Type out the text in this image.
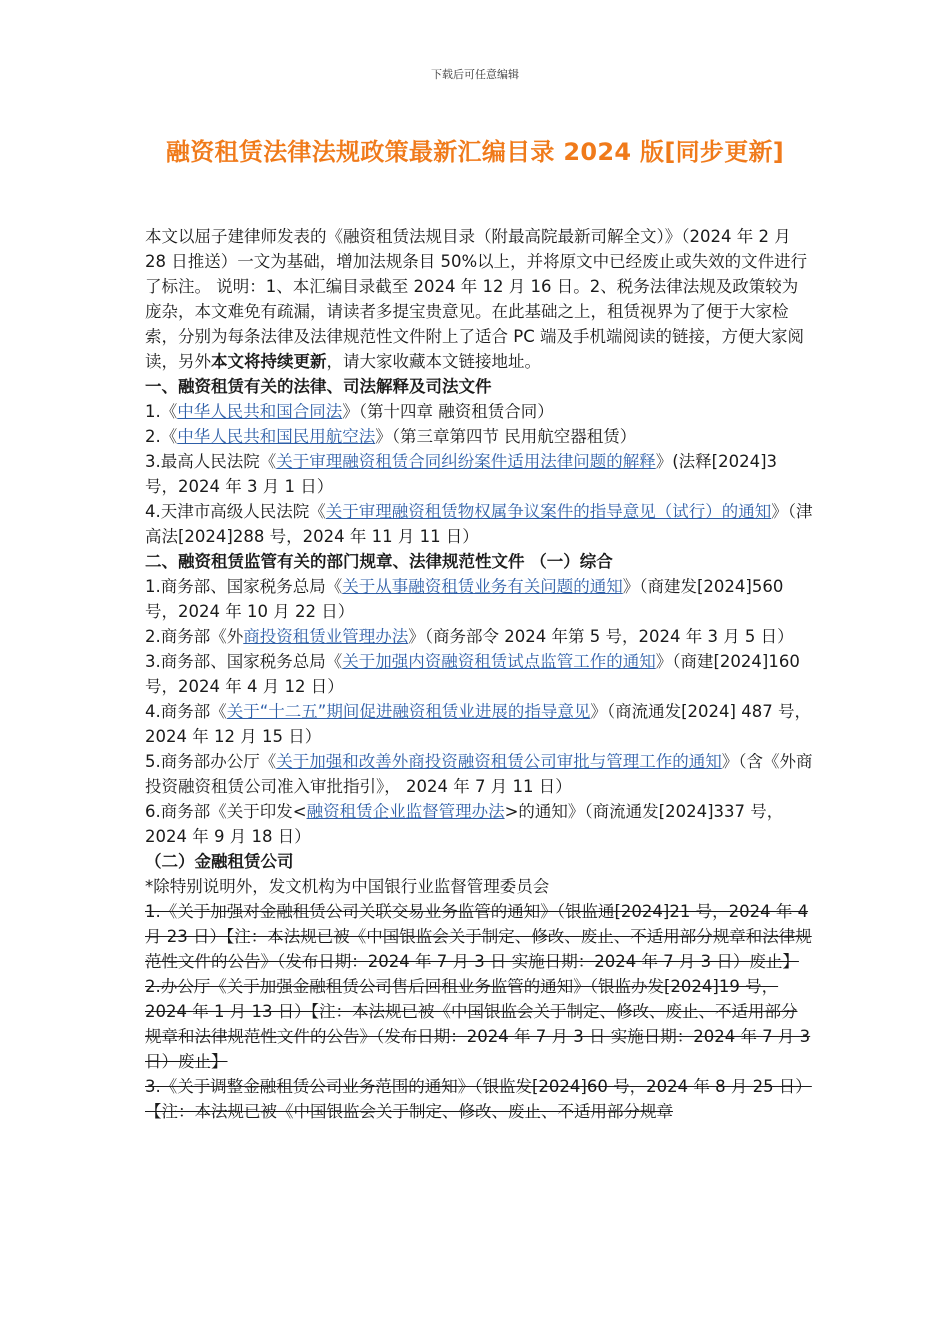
下载后可任意编辑
融资租赁法律法规政策最新汇编目录 2024 版[同步更新]

本文以屈子建律师发表的《融资租赁法规目录（附最高院最新司解全文）》（2024 年 2 月 28 日推送）一文为基础，增加法规条目 50%以上，并将原文中已经废止或失效的文件进行了标注。 说明：1、本汇编目录截至 2024 年 12 月 16 日。2、税务法律法规及政策较为庞杂，本文难免有疏漏，请读者多提宝贵意见。在此基础之上，租赁视界为了便于大家检索，分别为每条法律及法律规范性文件附上了适合 PC 端及手机端阅读的链接，方便大家阅读，另外本文将持续更新，请大家收藏本文链接地址。

一、融资租赁有关的法律、司法解释及司法文件

1.《中华人民共和国合同法》（第十四章 融资租赁合同）

2.《中华人民共和国民用航空法》（第三章第四节 民用航空器租赁）

3.最高人民法院《关于审理融资租赁合同纠纷案件适用法律问题的解释》(法释[2024]3 号，2024 年 3 月 1 日）

4.天津市高级人民法院《关于审理融资租赁物权属争议案件的指导意见（试行）的通知》（津高法[2024]288 号，2024 年 11 月 11 日）

二、融资租赁监管有关的部门规章、法律规范性文件 （一）综合

1.商务部、国家税务总局《关于从事融资租赁业务有关问题的通知》（商建发[2024]560 号，2024 年 10 月 22 日）

2.商务部《外商投资租赁业管理办法》（商务部令 2024 年第 5 号，2024 年 3 月 5 日）

3.商务部、国家税务总局《关于加强内资融资租赁试点监管工作的通知》（商建[2024]160 号，2024 年 4 月 12 日）

4.商务部《关于“十二五”期间促进融资租赁业进展的指导意见》（商流通发[2024] 487 号，2024 年 12 月 15 日）

5.商务部办公厅《关于加强和改善外商投资融资租赁公司审批与管理工作的通知》（含《外商投资融资租赁公司准入审批指引》， 2024 年 7 月 11 日）

6.商务部《关于印发<融资租赁企业监督管理办法>的通知》（商流通发[2024]337 号，2024 年 9 月 18 日）

（二）金融租赁公司

*除特别说明外，发文机构为中国银行业监督管理委员会

1.《关于加强对金融租赁公司关联交易业务监管的通知》（银监通[2024]21 号，2024 年 4 月 23 日）【注：本法规已被《中国银监会关于制定、修改、废止、不适用部分规章和法律规范性文件的公告》（发布日期：2024 年 7 月 3 日 实施日期：2024 年 7 月 3 日）废止】

2.办公厅《关于加强金融租赁公司售后回租业务监管的通知》（银监办发[2024]19 号，2024 年 1 月 13 日）【注：本法规已被《中国银监会关于制定、修改、废止、不适用部分规章和法律规范性文件的公告》（发布日期：2024 年 7 月 3 日 实施日期：2024 年 7 月 3 日）废止】

3.《关于调整金融租赁公司业务范围的通知》（银监发[2024]60 号，2024 年 8 月 25 日）【注：本法规已被《中国银监会关于制定、修改、废止、不适用部分规章
